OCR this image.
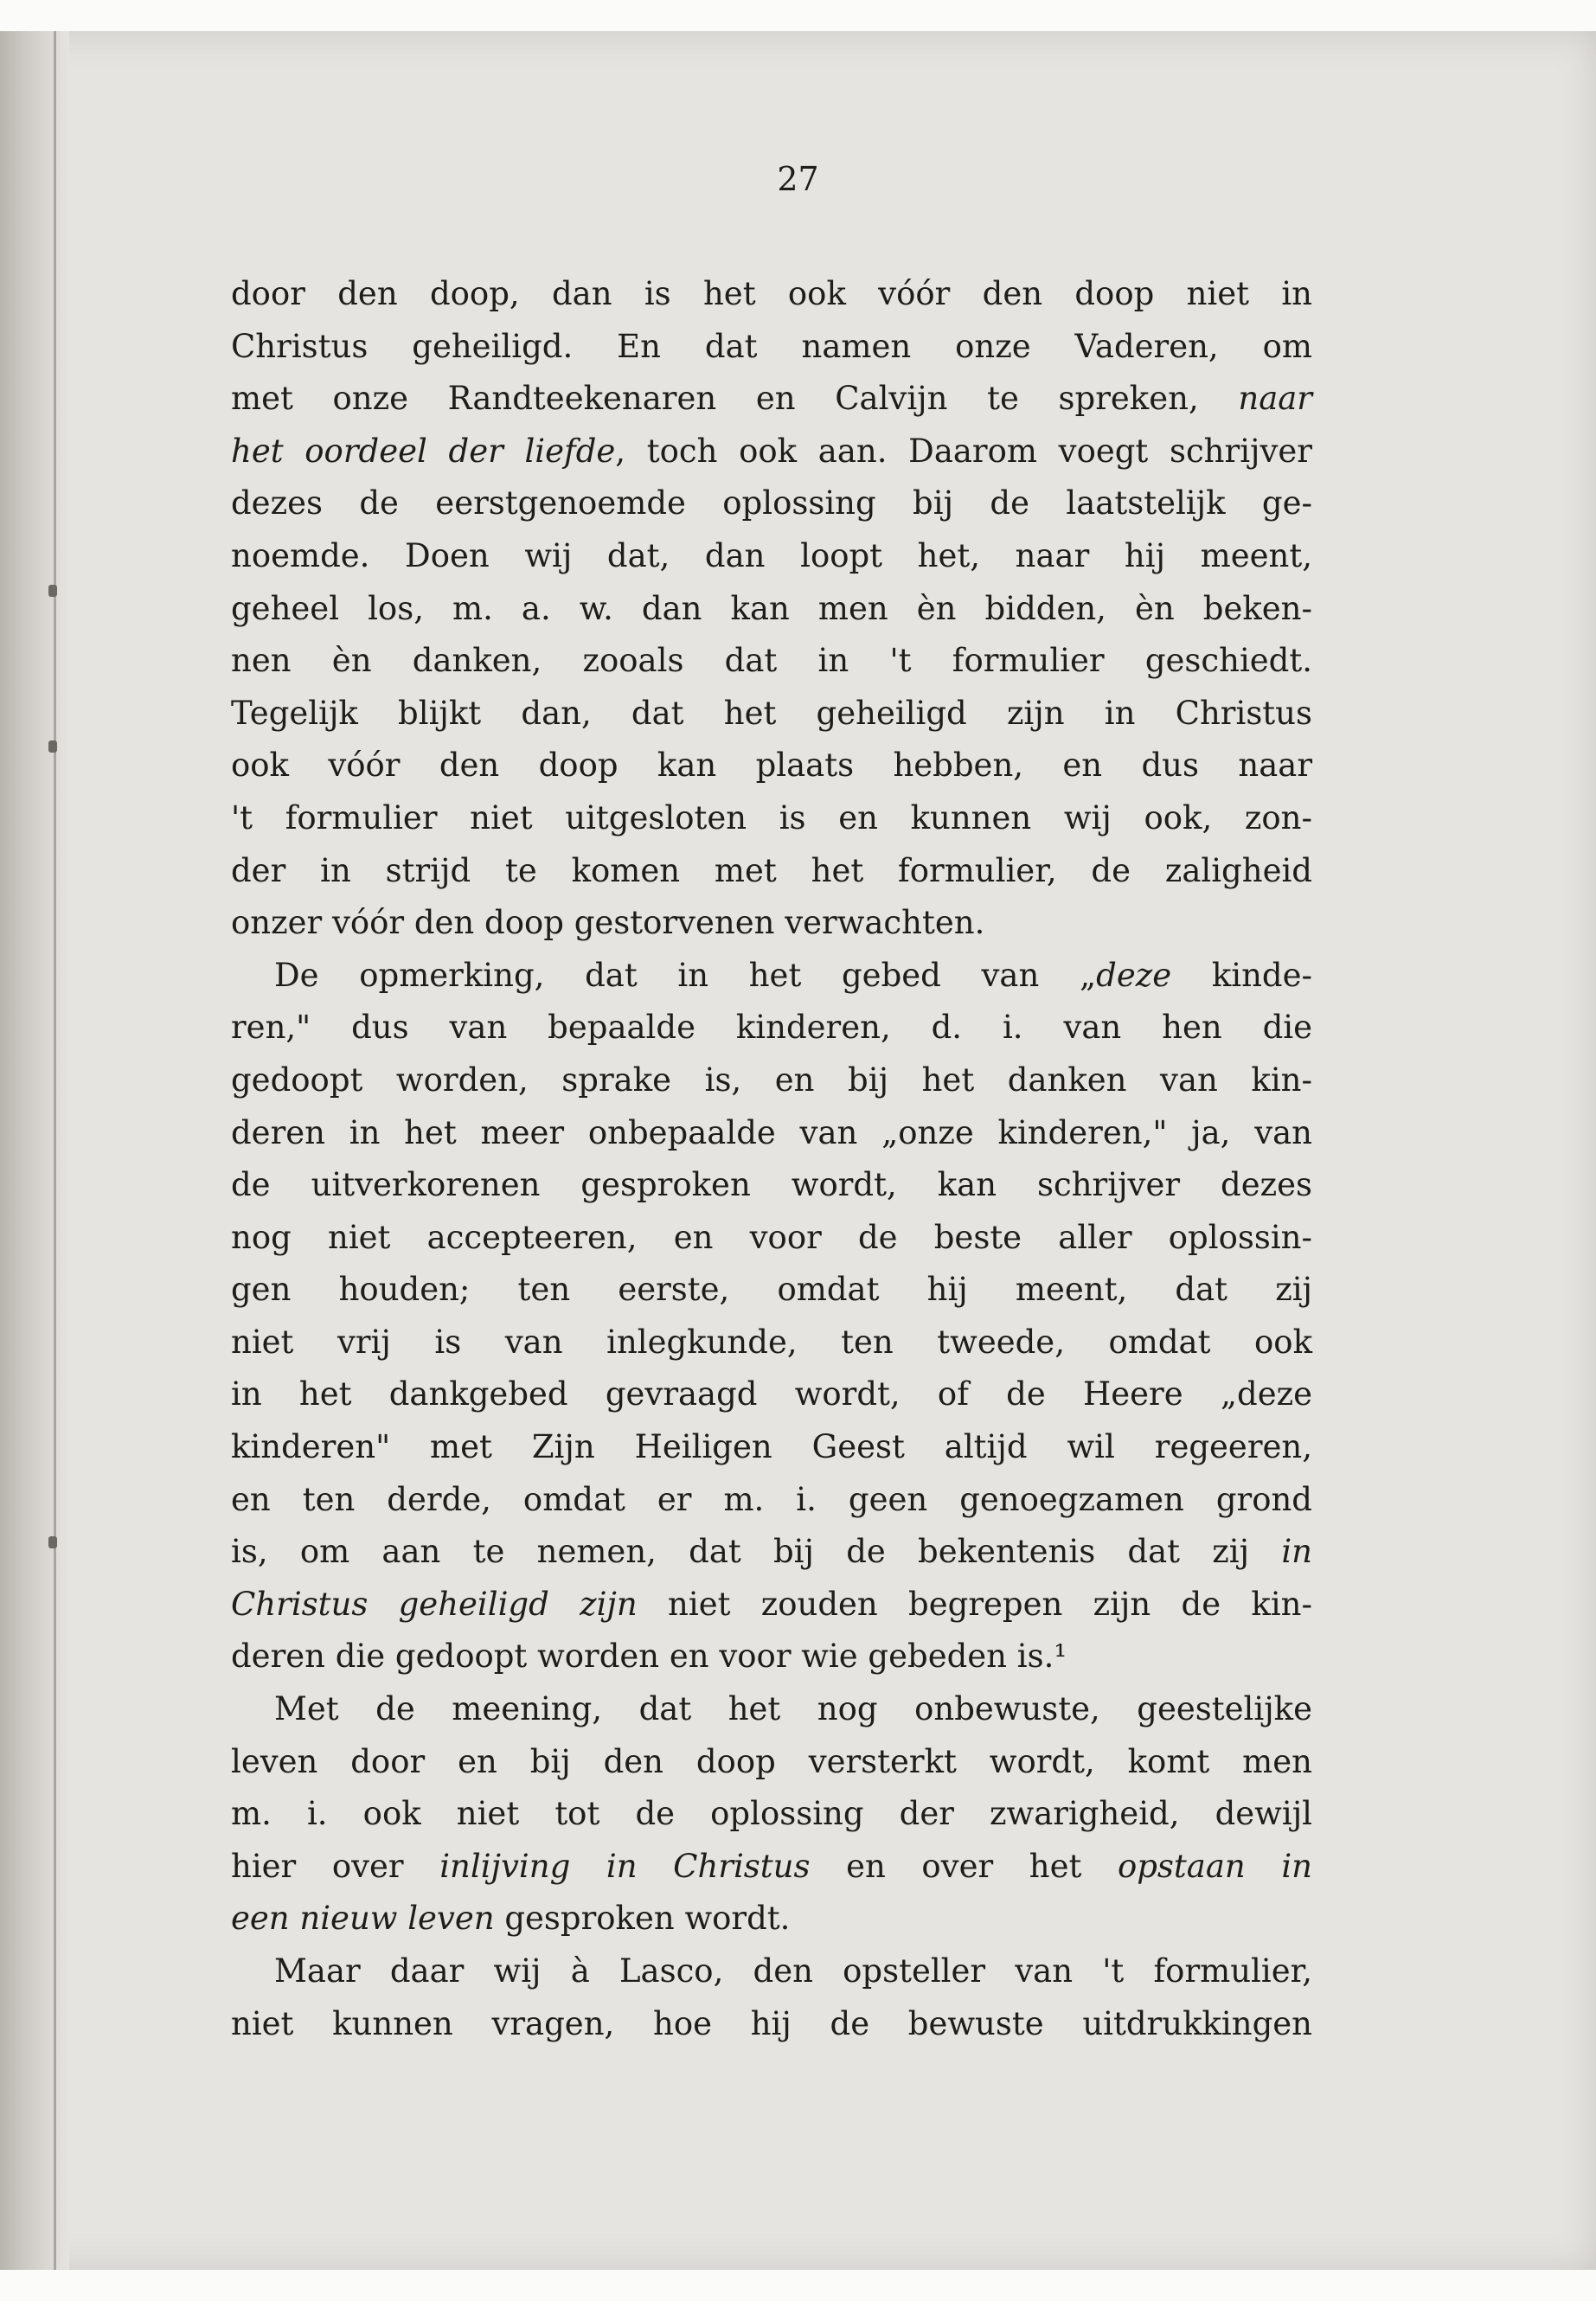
27
door den doop, dan is het ook vóór den doop niet in
Christus geheiligd. En dat namen onze Vaderen, om
met onze Randteekenaren en Calvijn te spreken, naar
het oordeel der liefde, toch ook aan. Daarom voegt schrijver
dezes de eerstgenoemde oplossing bij de laatstelijk ge-
noemde. Doen wij dat, dan loopt het, naar hij meent,
geheel los, m. a. w. dan kan men èn bidden, èn beken-
nen èn danken, zooals dat in 't formulier geschiedt.
Tegelijk blijkt dan, dat het geheiligd zijn in Christus
ook vóór den doop kan plaats hebben, en dus naar
't formulier niet uitgesloten is en kunnen wij ook, zon-
der in strijd te komen met het formulier, de zaligheid
onzer vóór den doop gestorvenen verwachten.
De opmerking, dat in het gebed van „deze kinde-
ren," dus van bepaalde kinderen, d. i. van hen die
gedoopt worden, sprake is, en bij het danken van kin-
deren in het meer onbepaalde van „onze kinderen," ja, van
de uitverkorenen gesproken wordt, kan schrijver dezes
nog niet accepteeren, en voor de beste aller oplossin-
gen houden; ten eerste, omdat hij meent, dat zij
niet vrij is van inlegkunde, ten tweede, omdat ook
in het dankgebed gevraagd wordt, of de Heere „deze
kinderen" met Zijn Heiligen Geest altijd wil regeeren,
en ten derde, omdat er m. i. geen genoegzamen grond
is, om aan te nemen, dat bij de bekentenis dat zij in
Christus geheiligd zijn niet zouden begrepen zijn de kin-
deren die gedoopt worden en voor wie gebeden is.¹
Met de meening, dat het nog onbewuste, geestelijke
leven door en bij den doop versterkt wordt, komt men
m. i. ook niet tot de oplossing der zwarigheid, dewijl
hier over inlijving in Christus en over het opstaan in
een nieuw leven gesproken wordt.
Maar daar wij à Lasco, den opsteller van 't formulier,
niet kunnen vragen, hoe hij de bewuste uitdrukkingen
